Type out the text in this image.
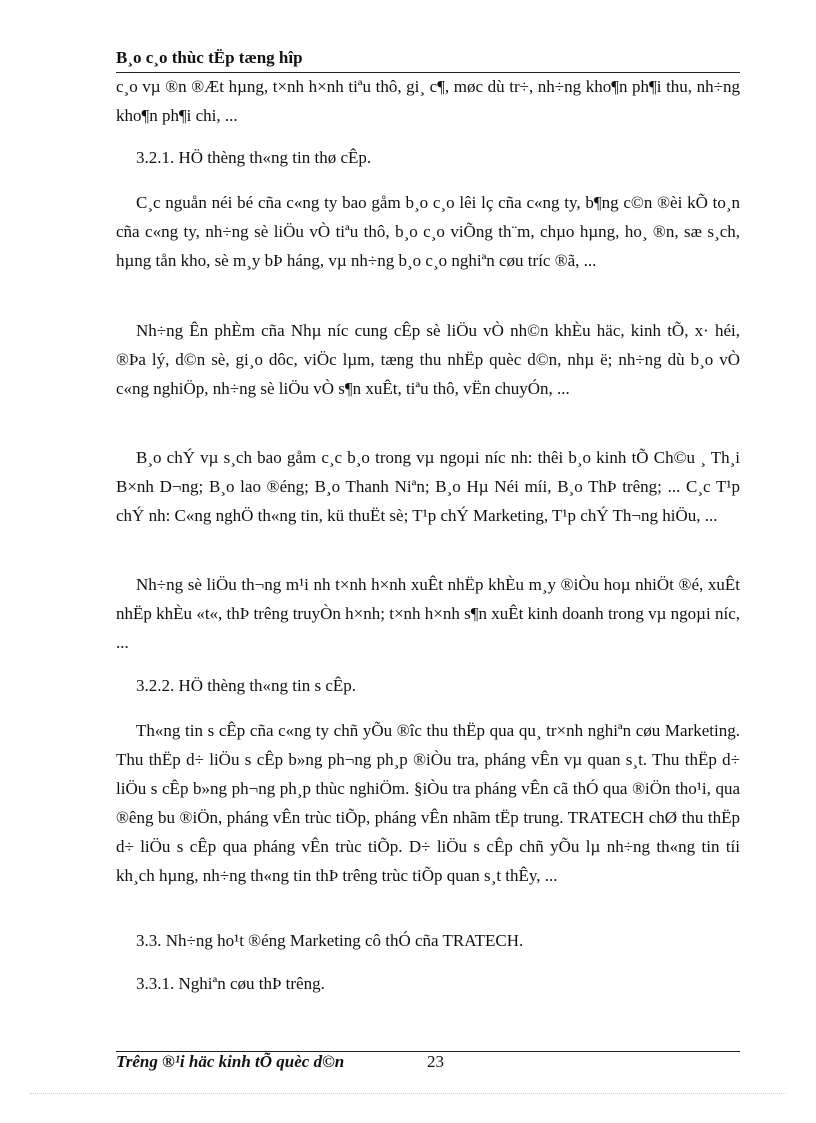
B¸o c¸o thùc tËp tæng hîp

c¸o vµ ®n ®Æt hµng, t×nh h×nh tiªu thô, gi¸ c¶, møc dù tr÷, nh÷ng kho¶n ph¶i thu, nh÷ng kho¶n ph¶i chi, ...

3.2.1. HÖ thèng th«ng tin thø cÊp.

C¸c nguån néi bé cña c«ng ty bao gåm b¸o c¸o lêi lç cña c«ng ty, b¶ng c©n ®èi kÕ to¸n cña c«ng ty, nh÷ng sè liÖu vÒ tiªu thô, b¸o c¸o viÕng th¨m, chµo hµng, ho¸ ®n, sæ s¸ch, hµng tån kho, sè m¸y bÞ háng, vµ nh÷ng b¸o c¸o nghiªn cøu tríc ®ã, ...

Nh÷ng Ên phÈm cña Nhµ níc cung cÊp sè liÖu vÒ nh©n khÈu häc, kinh tÕ, x· héi, ®Þa lý, d©n sè, gi¸o dôc, viÖc lµm, tæng thu nhËp quèc d©n, nhµ ë; nh÷ng dù b¸o vÒ c«ng nghiÖp, nh÷ng sè liÖu vÒ s¶n xuÊt, tiªu thô, vËn chuyÓn, ...

B¸o chÝ vµ s¸ch bao gåm c¸c b¸o trong vµ ngoµi níc nh: thêi b¸o kinh tÕ Ch©u ¸ Th¸i B×nh D¬ng; B¸o lao ®éng; B¸o Thanh Niªn; B¸o Hµ Néi míi, B¸o ThÞ trêng; ... C¸c T¹p chÝ nh: C«ng nghÖ th«ng tin, kü thuËt sè; T¹p chÝ Marketing, T¹p chÝ Th¬ng hiÖu, ...

Nh÷ng sè liÖu th¬ng m¹i nh t×nh h×nh xuÊt nhËp khÈu m¸y ®iÒu hoµ nhiÖt ®é, xuÊt nhËp khÈu «t«, thÞ trêng truyÒn h×nh; t×nh h×nh s¶n xuÊt kinh doanh trong vµ ngoµi níc, ...

3.2.2. HÖ thèng th«ng tin s cÊp.

Th«ng tin s cÊp cña c«ng ty chñ yÕu ®îc thu thËp qua qu¸ tr×nh nghiªn cøu Marketing. Thu thËp d÷ liÖu s cÊp b»ng ph¬ng ph¸p ®iÒu tra, pháng vÊn vµ quan s¸t. Thu thËp d÷ liÖu s cÊp b»ng ph¬ng ph¸p thùc nghiÖm. §iÒu tra pháng vÊn cã thÓ qua ®iÖn tho¹i, qua ®êng bu ®iÖn, pháng vÊn trùc tiÕp, pháng vÊn nhãm tËp trung. TRATECH chØ thu thËp d÷ liÖu s cÊp qua pháng vÊn trùc tiÕp. D÷ liÖu s cÊp chñ yÕu lµ nh÷ng th«ng tin tíi kh¸ch hµng, nh÷ng th«ng tin thÞ trêng trùc tiÕp quan s¸t thÊy, ...

3.3. Nh÷ng ho¹t ®éng Marketing cô thÓ cña TRATECH.

3.3.1. Nghiªn cøu thÞ trêng.

Trêng ®¹i häc kinh tÕ quèc d©n	23
